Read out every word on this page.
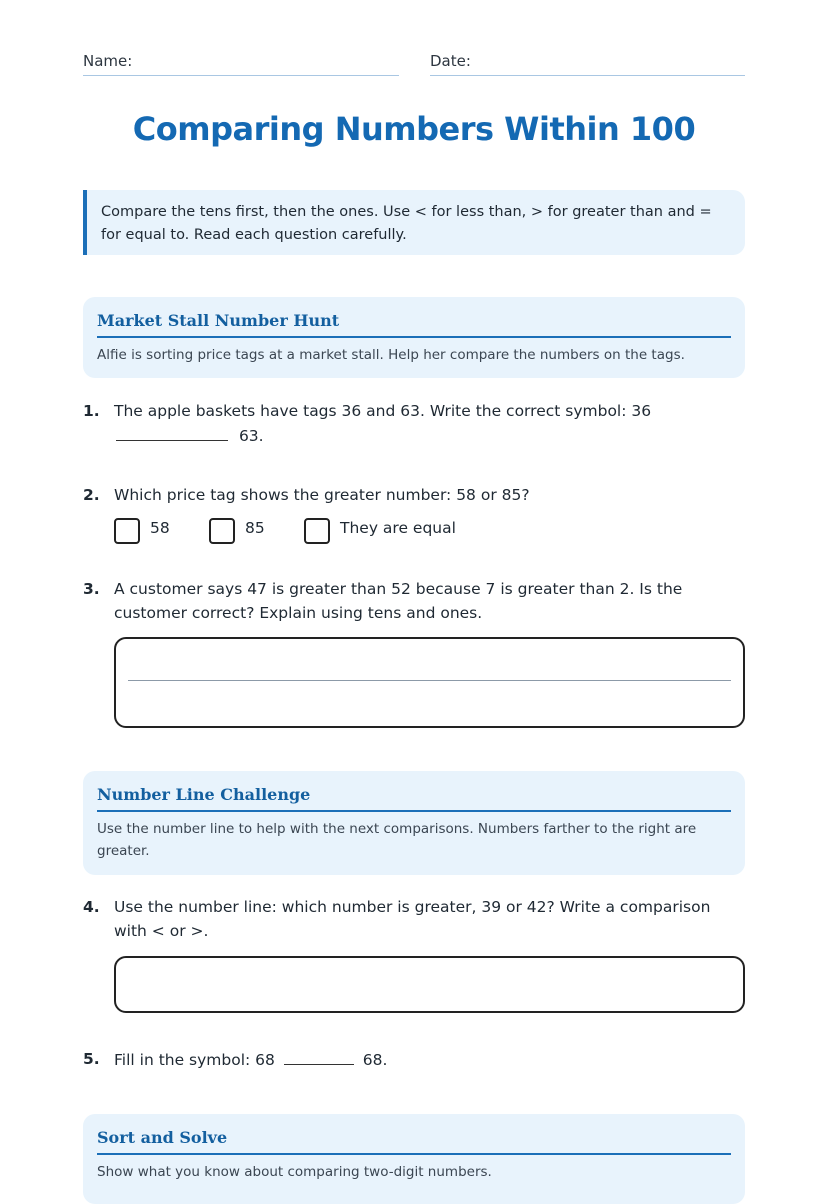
Name:	Date:
Comparing Numbers Within 100
Compare the tens first, then the ones. Use < for less than, > for greater than and = for equal to. Read each question carefully.
Market Stall Number Hunt
Alfie is sorting price tags at a market stall. Help her compare the numbers on the tags.
1. The apple baskets have tags 36 and 63. Write the correct symbol: 36
63.
2. Which price tag shows the greater number: 58 or 85?
58	85	They are equal
3. A customer says 47 is greater than 52 because 7 is greater than 2. Is the customer correct? Explain using tens and ones.
Number Line Challenge
Use the number line to help with the next comparisons. Numbers farther to the right are greater.
4. Use the number line: which number is greater, 39 or 42? Write a comparison with < or >.
5. Fill in the symbol: 68	68.
Sort and Solve
Show what you know about comparing two-digit numbers.
